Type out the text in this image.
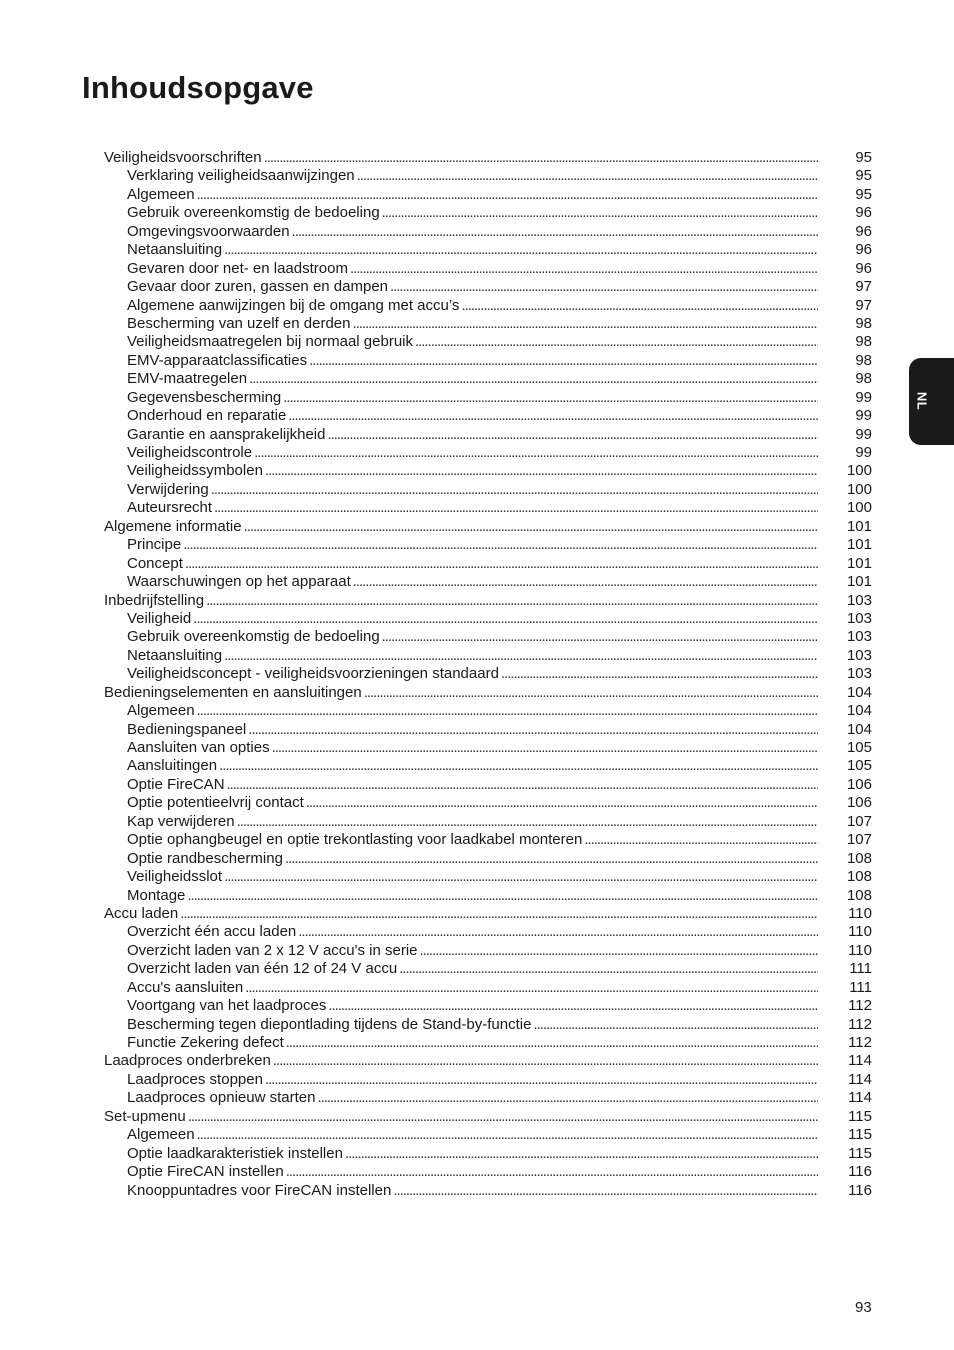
Inhoudsopgave
Veiligheidsvoorschriften . . .	95
Verklaring veiligheidsaanwijzingen . . .	95
Algemeen . . .	95
Gebruik overeenkomstig de bedoeling . . .	96
Omgevingsvoorwaarden . . .	96
Netaansluiting . . .	96
Gevaren door net- en laadstroom . . .	96
Gevaar door zuren, gassen en dampen . . .	97
Algemene aanwijzingen bij de omgang met accu’s . . .	97
Bescherming van uzelf en derden . . .	98
Veiligheidsmaatregelen bij normaal gebruik . . .	98
EMV-apparaatclassificaties . . .	98
EMV-maatregelen . . .	98
Gegevensbescherming . . .	99
Onderhoud en reparatie . . .	99
Garantie en aansprakelijkheid . . .	99
Veiligheidscontrole . . .	99
Veiligheidssymbolen . . .	100
Verwijdering . . .	100
Auteursrecht . . .	100
Algemene informatie . . .	101
Principe . . .	101
Concept . . .	101
Waarschuwingen op het apparaat . . .	101
Inbedrijfstelling . . .	103
Veiligheid . . .	103
Gebruik overeenkomstig de bedoeling . . .	103
Netaansluiting . . .	103
Veiligheidsconcept - veiligheidsvoorzieningen standaard . . .	103
Bedieningselementen en aansluitingen . . .	104
Algemeen . . .	104
Bedieningspaneel . . .	104
Aansluiten van opties . . .	105
Aansluitingen . . .	105
Optie FireCAN . . .	106
Optie potentieelvrij contact . . .	106
Kap verwijderen . . .	107
Optie ophangbeugel en optie trekontlasting voor laadkabel monteren . . .	107
Optie randbescherming . . .	108
Veiligheidsslot . . .	108
Montage . . .	108
Accu laden . . .	110
Overzicht één accu laden . . .	110
Overzicht laden van 2 x 12 V accu's in serie . . .	110
Overzicht laden van één 12 of 24 V accu . . .	111
Accu's aansluiten . . .	111
Voortgang van het laadproces . . .	112
Bescherming tegen diepontlading tijdens de Stand-by-functie . . .	112
Functie Zekering defect . . .	112
Laadproces onderbreken . . .	114
Laadproces stoppen . . .	114
Laadproces opnieuw starten . . .	114
Set-upmenu . . .	115
Algemeen . . .	115
Optie laadkarakteristiek instellen . . .	115
Optie FireCAN instellen . . .	116
Knooppuntadres voor FireCAN instellen . . .	116
NL
93
